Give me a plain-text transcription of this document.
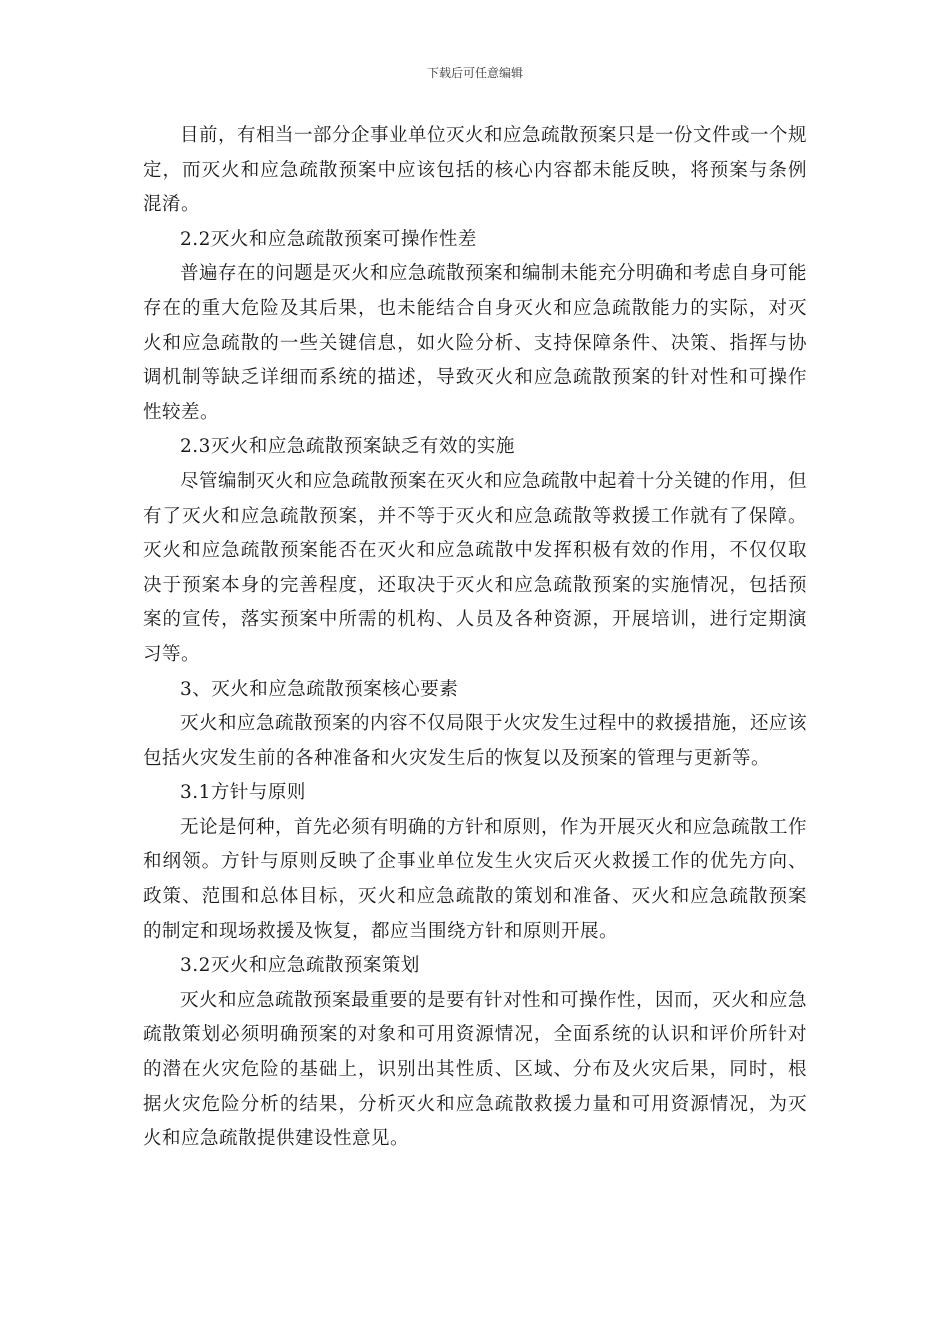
下载后可任意编辑

目前，有相当一部分企事业单位灭火和应急疏散预案只是一份文件或一个规定，而灭火和应急疏散预案中应该包括的核心内容都未能反映，将预案与条例混淆。

2.2灭火和应急疏散预案可操作性差

普遍存在的问题是灭火和应急疏散预案和编制未能充分明确和考虑自身可能存在的重大危险及其后果，也未能结合自身灭火和应急疏散能力的实际，对灭火和应急疏散的一些关键信息，如火险分析、支持保障条件、决策、指挥与协调机制等缺乏详细而系统的描述，导致灭火和应急疏散预案的针对性和可操作性较差。

2.3灭火和应急疏散预案缺乏有效的实施

尽管编制灭火和应急疏散预案在灭火和应急疏散中起着十分关键的作用，但有了灭火和应急疏散预案，并不等于灭火和应急疏散等救援工作就有了保障。灭火和应急疏散预案能否在灭火和应急疏散中发挥积极有效的作用，不仅仅取决于预案本身的完善程度，还取决于灭火和应急疏散预案的实施情况，包括预案的宣传，落实预案中所需的机构、人员及各种资源，开展培训，进行定期演习等。

3、灭火和应急疏散预案核心要素

灭火和应急疏散预案的内容不仅局限于火灾发生过程中的救援措施，还应该包括火灾发生前的各种准备和火灾发生后的恢复以及预案的管理与更新等。

3.1方针与原则

无论是何种，首先必须有明确的方针和原则，作为开展灭火和应急疏散工作和纲领。方针与原则反映了企事业单位发生火灾后灭火救援工作的优先方向、政策、范围和总体目标，灭火和应急疏散的策划和准备、灭火和应急疏散预案的制定和现场救援及恢复，都应当围绕方针和原则开展。

3.2灭火和应急疏散预案策划

灭火和应急疏散预案最重要的是要有针对性和可操作性，因而，灭火和应急疏散策划必须明确预案的对象和可用资源情况，全面系统的认识和评价所针对的潜在火灾危险的基础上，识别出其性质、区域、分布及火灾后果，同时，根据火灾危险分析的结果，分析灭火和应急疏散救援力量和可用资源情况，为灭火和应急疏散提供建设性意见。
